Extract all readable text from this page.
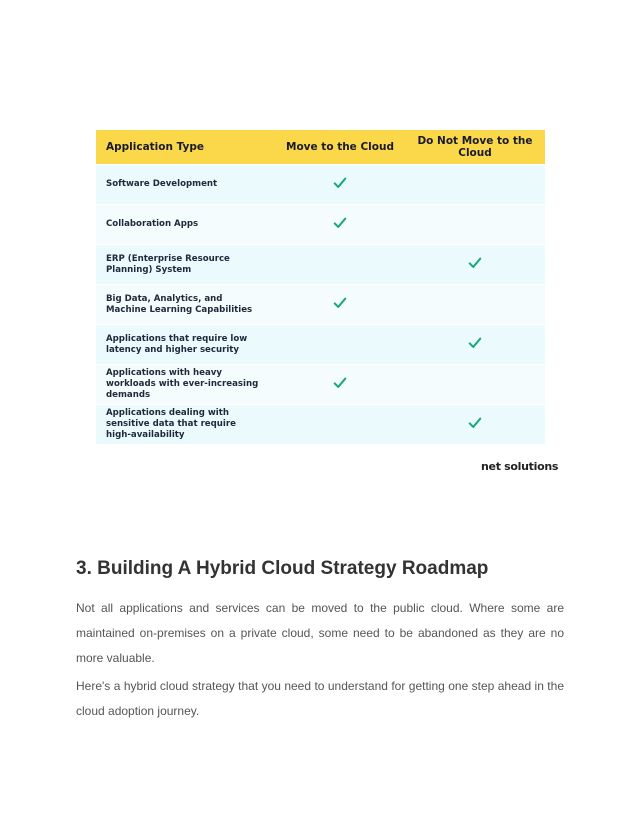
Application Type	Move to the Cloud	Do Not Move to the Cloud
Software Development
Collaboration Apps
ERP (Enterprise Resource Planning) System
Big Data, Analytics, and Machine Learning Capabilities
Applications that require low latency and higher security
Applications with heavy workloads with ever-increasing demands
Applications dealing with sensitive data that require high-availability
net solutions
3. Building A Hybrid Cloud Strategy Roadmap

Not all applications and services can be moved to the public cloud. Where some are maintained on-premises on a private cloud, some need to be abandoned as they are no more valuable.

Here's a hybrid cloud strategy that you need to understand for getting one step ahead in the cloud adoption journey.
